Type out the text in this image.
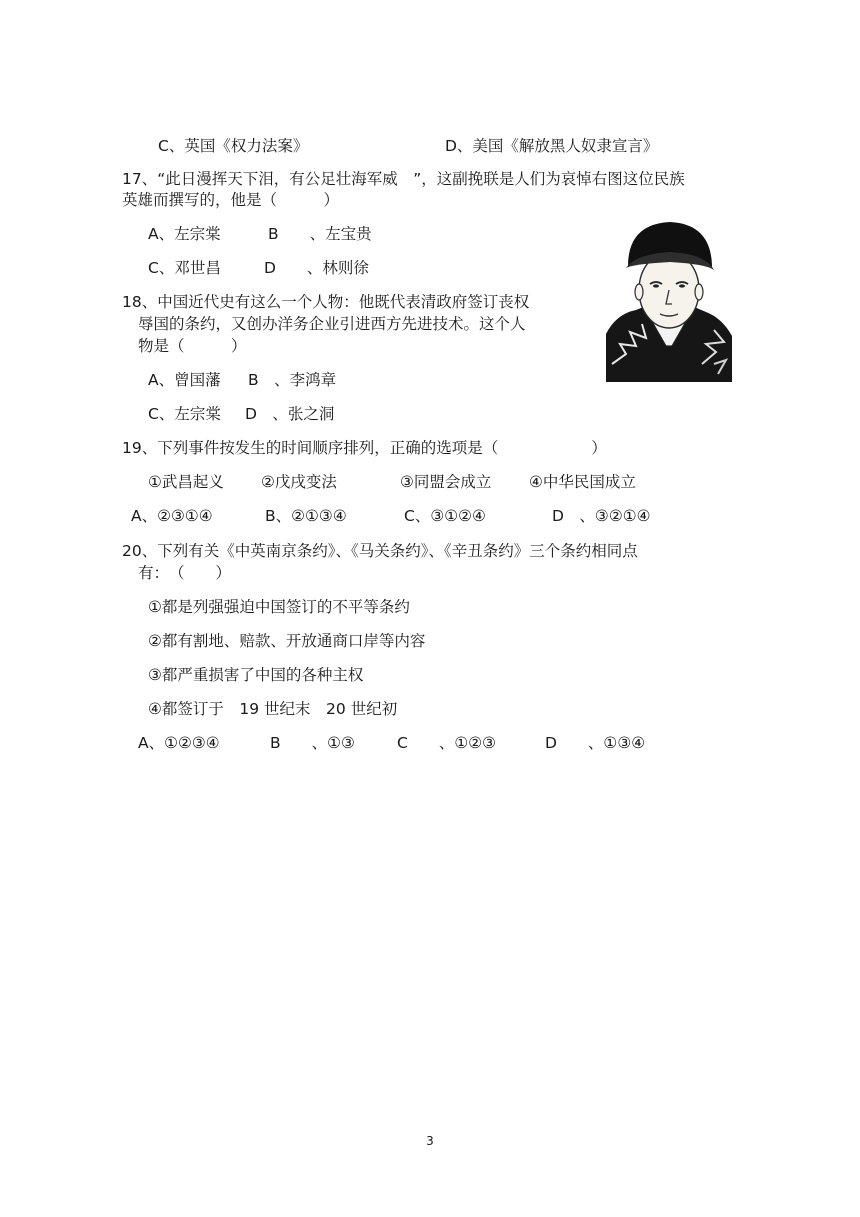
C、英国《权力法案》	D、美国《解放黑人奴隶宣言》
17、“此日漫挥天下泪，有公足壮海军威　”，这副挽联是人们为哀悼右图这位民族
英雄而撰写的，他是（　　　）
A、左宗棠	B　　、左宝贵
C、邓世昌	D　　、林则徐
18、中国近代史有这么一个人物：他既代表清政府签订丧权
辱国的条约，又创办洋务企业引进西方先进技术。这个人
物是（　　　）
A、曾国藩 B　、李鸿章
C、左宗棠 D　、张之洞
19、下列事件按发生的时间顺序排列，正确的选项是（　　　　　　）
①武昌起义 ②戊戌变法	③同盟会成立 ④中华民国成立
A、②③①④	B、②①③④	C、③①②④	D　、③②①④
20、下列有关《中英南京条约》、《马关条约》、《辛丑条约》三个条约相同点
有：　（　　）
①都是列强强迫中国签订的不平等条约
②都有割地、赔款、开放通商口岸等内容
③都严重损害了中国的各种主权
④都签订于　19 世纪末　20 世纪初
A、①②③④	B　　、①③	C　　、①②③	D　　、①③④
3
